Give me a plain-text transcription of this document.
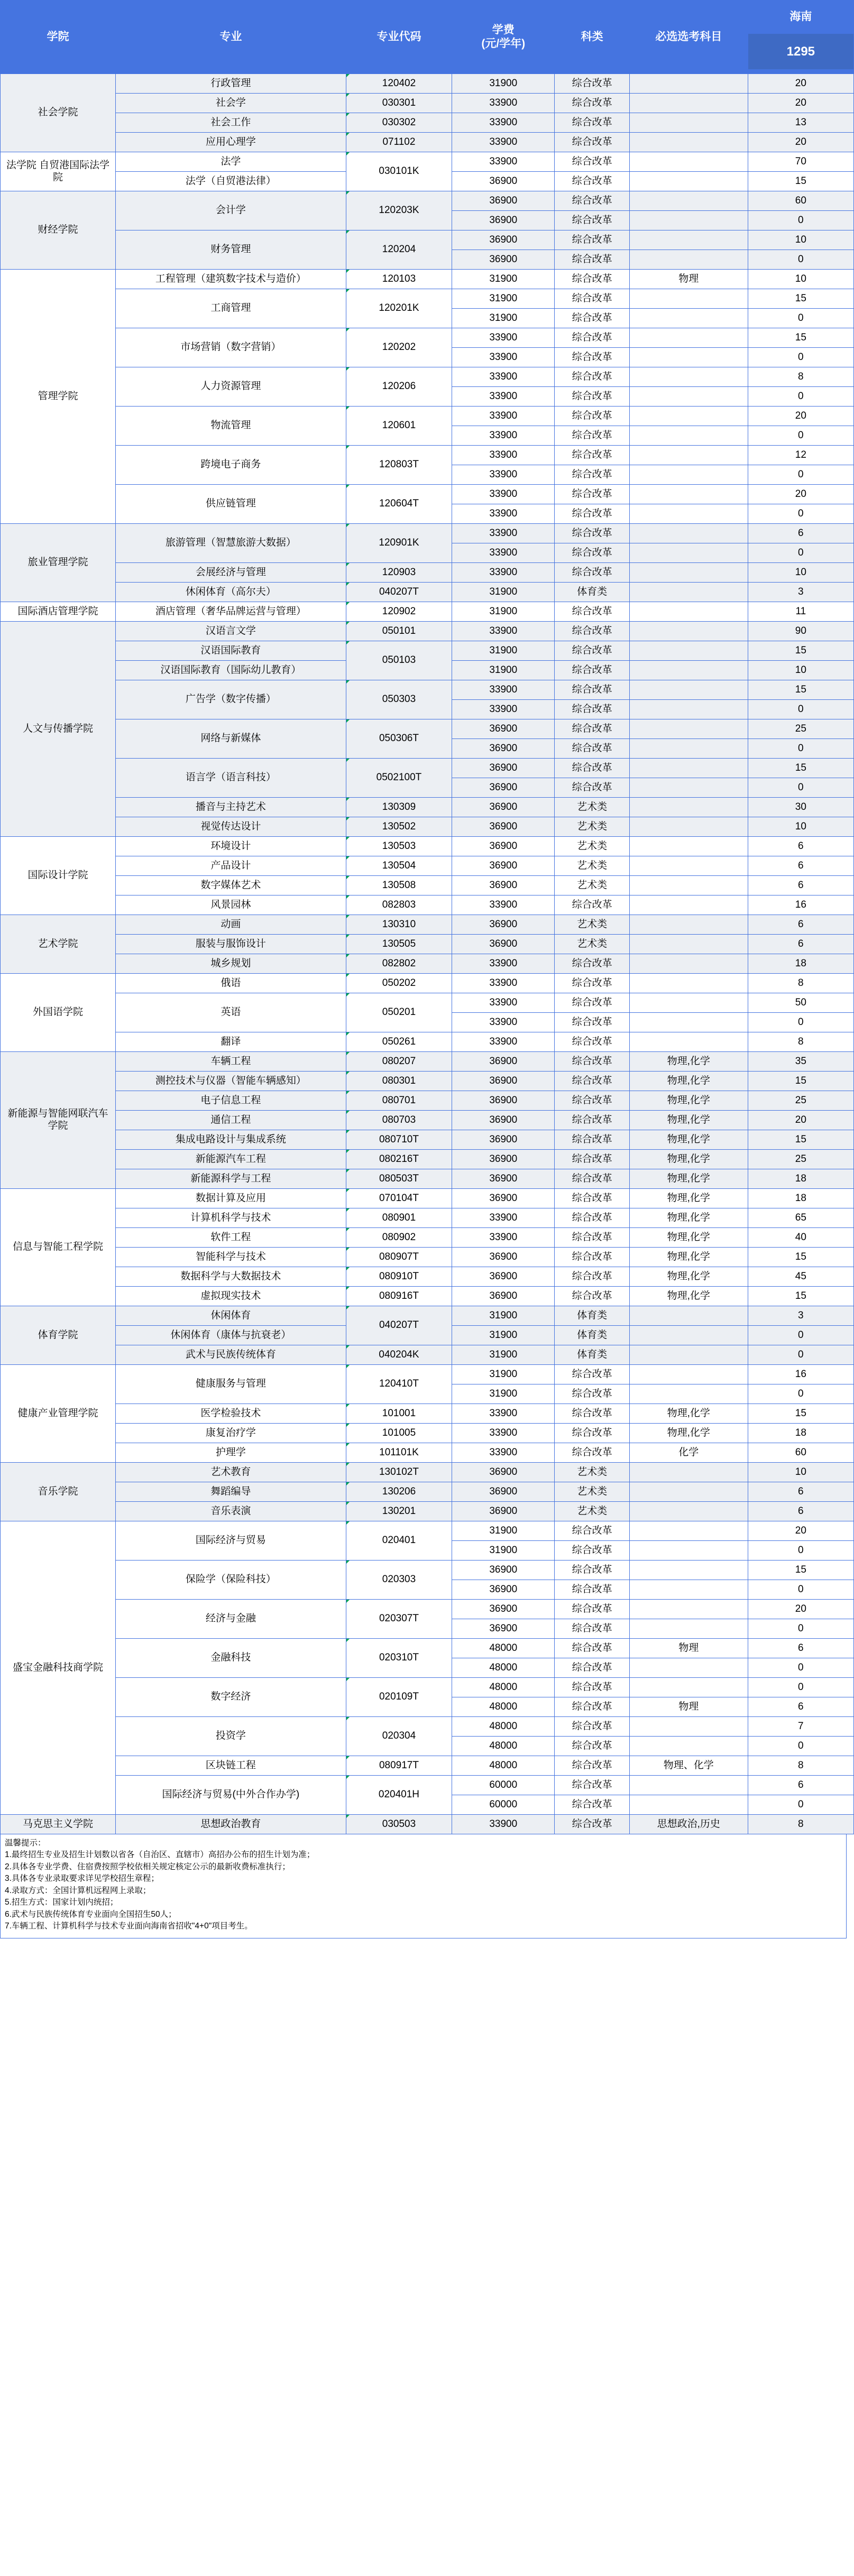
学院	专业	专业代码	
学费
(元/学年)
	科类	必选选考科目	
海南
1295

社会学院	行政管理	120402	31900	综合改革		20
	社会学	030301	33900	综合改革		20
	社会工作	030302	33900	综合改革		13
	应用心理学	071102	33900	综合改革		20
法学院 自贸港国际法学院	法学	030101K	33900	综合改革		70
	法学（自贸港法律）		36900	综合改革		15
财经学院	会计学	120203K	36900	综合改革		60
			36900	综合改革		0
	财务管理	120204	36900	综合改革		10
			36900	综合改革		0
管理学院	工程管理（建筑数字技术与造价）	120103	31900	综合改革	物理	10
	工商管理	120201K	31900	综合改革		15
			31900	综合改革		0
	市场营销（数字营销）	120202	33900	综合改革		15
			33900	综合改革		0
	人力资源管理	120206	33900	综合改革		8
			33900	综合改革		0
	物流管理	120601	33900	综合改革		20
			33900	综合改革		0
	跨境电子商务	120803T	33900	综合改革		12
			33900	综合改革		0
	供应链管理	120604T	33900	综合改革		20
			33900	综合改革		0
旅业管理学院	旅游管理（智慧旅游大数据）	120901K	33900	综合改革		6
			33900	综合改革		0
	会展经济与管理	120903	33900	综合改革		10
	休闲体育（高尔夫）	040207T	31900	体育类		3
国际酒店管理学院	酒店管理（奢华品牌运营与管理）	120902	31900	综合改革		11
人文与传播学院	汉语言文学	050101	33900	综合改革		90
	汉语国际教育	050103	31900	综合改革		15
	汉语国际教育（国际幼儿教育）		31900	综合改革		10
	广告学（数字传播）	050303	33900	综合改革		15
			33900	综合改革		0
	网络与新媒体	050306T	36900	综合改革		25
			36900	综合改革		0
	语言学（语言科技）	0502100T	36900	综合改革		15
			36900	综合改革		0
	播音与主持艺术	130309	36900	艺术类		30
	视觉传达设计	130502	36900	艺术类		10
国际设计学院	环境设计	130503	36900	艺术类		6
	产品设计	130504	36900	艺术类		6
	数字媒体艺术	130508	36900	艺术类		6
	风景园林	082803	33900	综合改革		16
艺术学院	动画	130310	36900	艺术类		6
	服装与服饰设计	130505	36900	艺术类		6
	城乡规划	082802	33900	综合改革		18
外国语学院	俄语	050202	33900	综合改革		8
	英语	050201	33900	综合改革		50
			33900	综合改革		0
	翻译	050261	33900	综合改革		8
新能源与智能网联汽车学院	车辆工程	080207	36900	综合改革	物理,化学	35
	测控技术与仪器（智能车辆感知）	080301	36900	综合改革	物理,化学	15
	电子信息工程	080701	36900	综合改革	物理,化学	25
	通信工程	080703	36900	综合改革	物理,化学	20
	集成电路设计与集成系统	080710T	36900	综合改革	物理,化学	15
	新能源汽车工程	080216T	36900	综合改革	物理,化学	25
	新能源科学与工程	080503T	36900	综合改革	物理,化学	18
信息与智能工程学院	数据计算及应用	070104T	36900	综合改革	物理,化学	18
	计算机科学与技术	080901	33900	综合改革	物理,化学	65
	软件工程	080902	33900	综合改革	物理,化学	40
	智能科学与技术	080907T	36900	综合改革	物理,化学	15
	数据科学与大数据技术	080910T	36900	综合改革	物理,化学	45
	虚拟现实技术	080916T	36900	综合改革	物理,化学	15
体育学院	休闲体育	040207T	31900	体育类		3
	休闲体育（康体与抗衰老）		31900	体育类		0
	武术与民族传统体育	040204K	31900	体育类		0
健康产业管理学院	健康服务与管理	120410T	31900	综合改革		16
			31900	综合改革		0
	医学检验技术	101001	33900	综合改革	物理,化学	15
	康复治疗学	101005	33900	综合改革	物理,化学	18
	护理学	101101K	33900	综合改革	化学	60
音乐学院	艺术教育	130102T	36900	艺术类		10
	舞蹈编导	130206	36900	艺术类		6
	音乐表演	130201	36900	艺术类		6
盛宝金融科技商学院	国际经济与贸易	020401	31900	综合改革		20
			31900	综合改革		0
	保险学（保险科技）	020303	36900	综合改革		15
			36900	综合改革		0
	经济与金融	020307T	36900	综合改革		20
			36900	综合改革		0
	金融科技	020310T	48000	综合改革	物理	6
			48000	综合改革		0
	数字经济	020109T	48000	综合改革		0
			48000	综合改革	物理	6
	投资学	020304	48000	综合改革		7
			48000	综合改革		0
	区块链工程	080917T	48000	综合改革	物理、化学	8
	国际经济与贸易(中外合作办学)	020401H	60000	综合改革		6
			60000	综合改革		0
马克思主义学院	思想政治教育	030503	33900	综合改革	思想政治,历史	8
温馨提示：
1.最终招生专业及招生计划数以省各（自治区、直辖市）高招办公布的招生计划为准；
2.具体各专业学费、住宿费按照学校依相关规定核定公示的最新收费标准执行；
3.具体各专业录取要求详见学校招生章程；
4.录取方式：全国计算机远程网上录取；
5.招生方式：国家计划内统招；
6.武术与民族传统体育专业面向全国招生50人；
7.车辆工程、计算机科学与技术专业面向海南省招收"4+0"项目考生。
